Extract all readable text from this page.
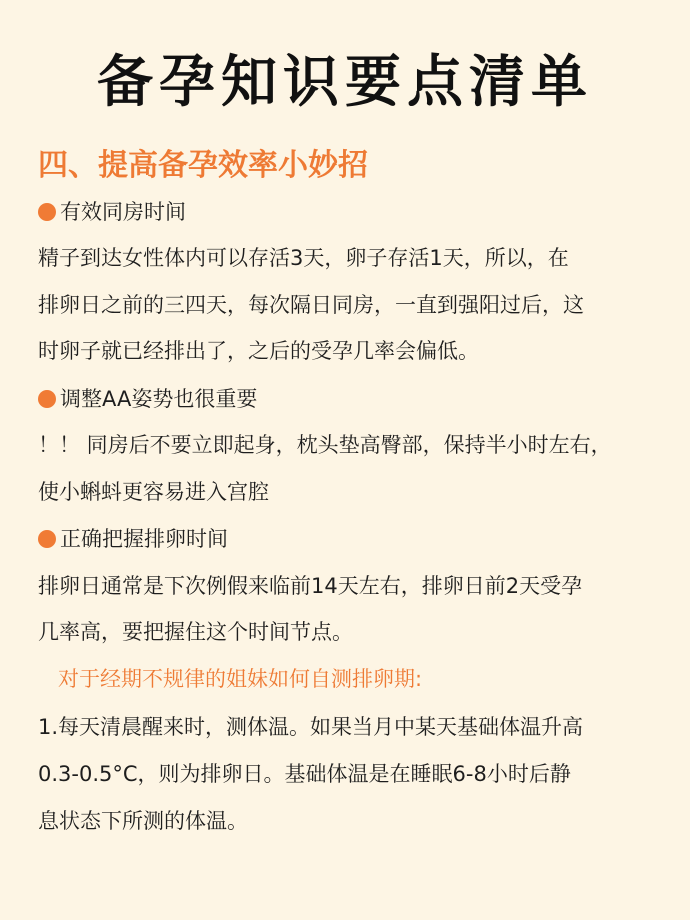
备孕知识要点清单
四、提高备孕效率小妙招
有效同房时间
精子到达女性体内可以存活3天，卵子存活1天，所以，在
排卵日之前的三四天，每次隔日同房，一直到强阳过后，这
时卵子就已经排出了，之后的受孕几率会偏低。
调整AA姿势也很重要
！！ 同房后不要立即起身，枕头垫高臀部，保持半小时左右，
使小蝌蚪更容易进入宫腔
正确把握排卵时间
排卵日通常是下次例假来临前14天左右，排卵日前2天受孕
几率高，要把握住这个时间节点。
对于经期不规律的姐妹如何自测排卵期:
1.每天清晨醒来时，测体温。如果当月中某天基础体温升高
0.3-0.5°C，则为排卵日。基础体温是在睡眠6-8小时后静
息状态下所测的体温。
